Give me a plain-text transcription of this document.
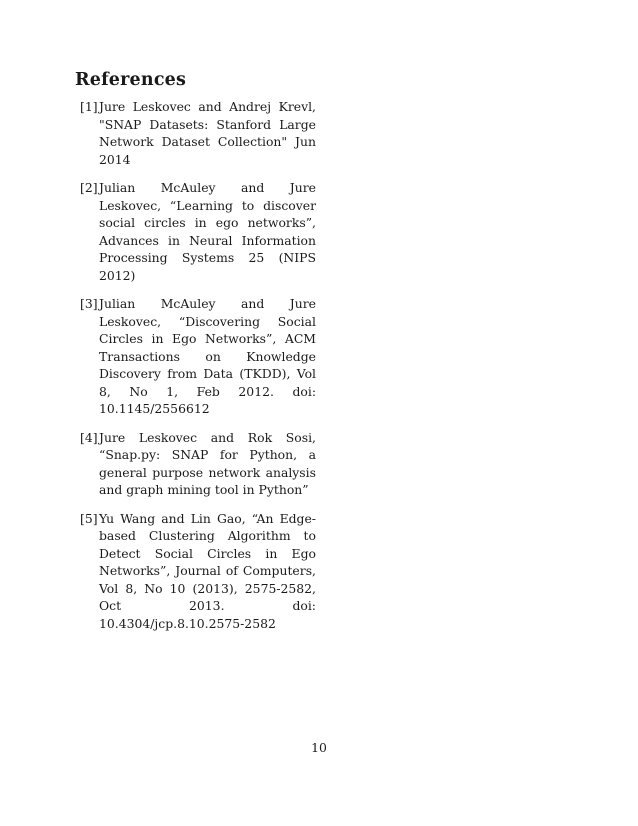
References
[1] Jure Leskovec and Andrej Krevl, "SNAP Datasets: Stanford Large Network Dataset Collection" Jun 2014
[2] Julian McAuley and Jure Leskovec, “Learning to discover social circles in ego networks”, Advances in Neural Information Processing Systems 25 (NIPS 2012)
[3] Julian McAuley and Jure Leskovec, “Discovering Social Circles in Ego Networks”, ACM Transactions on Knowledge Discovery from Data (TKDD), Vol 8, No 1, Feb 2012. doi: 10.1145/2556612
[4] Jure Leskovec and Rok Sosi, “Snap.py: SNAP for Python, a general purpose network analysis and graph mining tool in Python”
[5] Yu Wang and Lin Gao, “An Edge-based Clustering Algorithm to Detect Social Circles in Ego Networks”, Journal of Computers, Vol 8, No 10 (2013), 2575-2582, Oct 2013. doi: 10.4304/jcp.8.10.2575-2582
10
